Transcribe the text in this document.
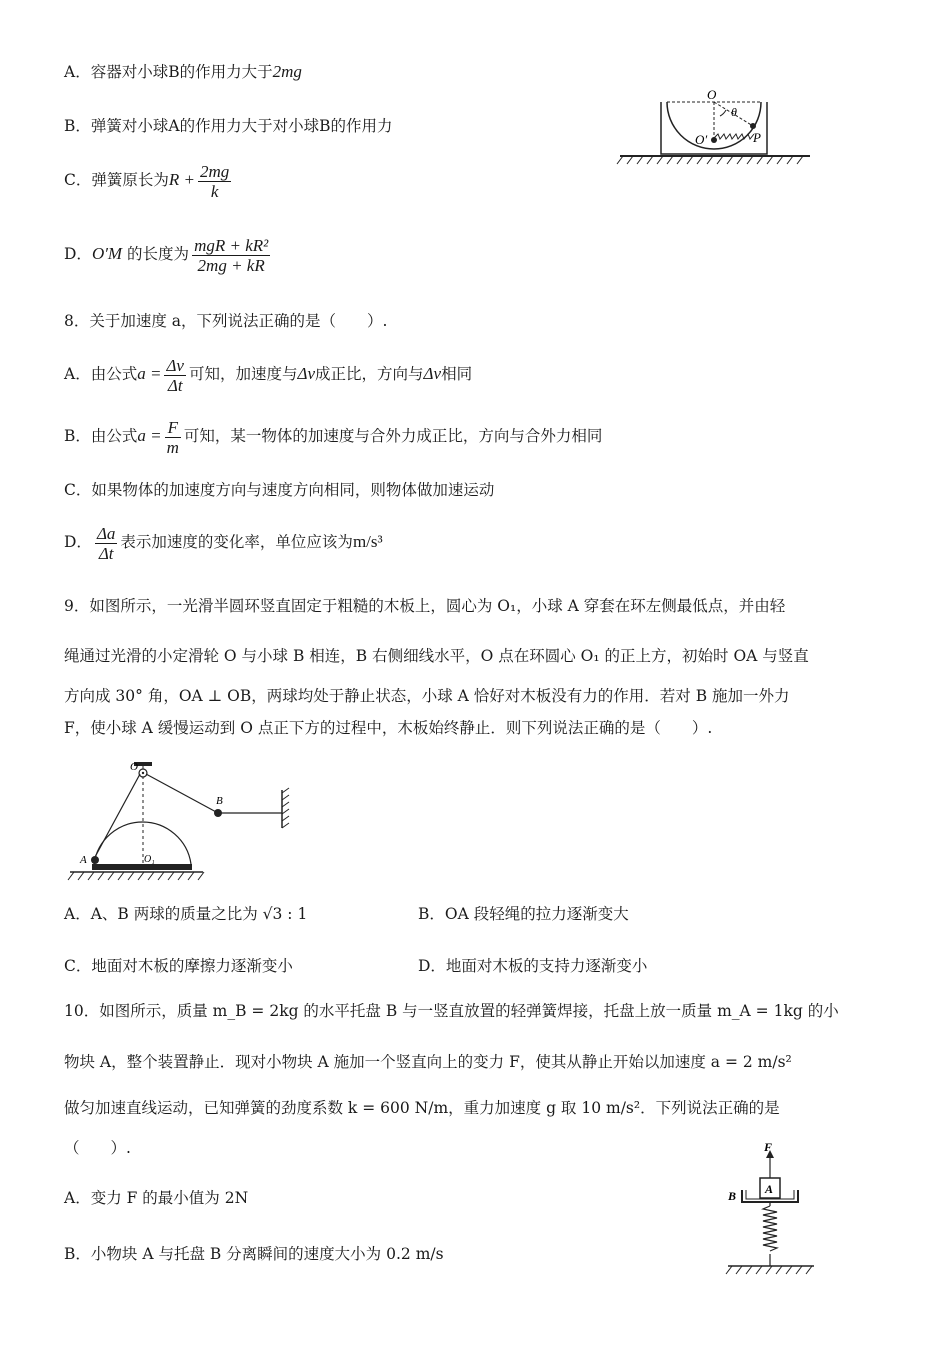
A．容器对小球B的作用力大于2mg
B．弹簧对小球A的作用力大于对小球B的作用力
C．弹簧原长为$R + \frac{2mg}{k}$
D．O′M 的长度为 $\frac{\text{mgR + kR²}}{2mg + kR}$
O
θ
O′	P
8．关于加速度 a，下列说法正确的是（　　）.
A．由公式$a = \frac{\Delta v}{\Delta t}$ 可知，加速度与Δv成正比，方向与Δv相同
B．由公式$a = \frac{F}{m}$ 可知，某一物体的加速度与合外力成正比，方向与合外力相同
C．如果物体的加速度方向与速度方向相同，则物体做加速运动
D． $\frac{\Delta a}{\Delta t}$ 表示加速度的变化率，单位应该为m/s³
9．如图所示，一光滑半圆环竖直固定于粗糙的木板上，圆心为 O₁，小球 A 穿套在环左侧最低点，并由轻
绳通过光滑的小定滑轮 O 与小球 B 相连，B 右侧细线水平，O 点在环圆心 O₁ 的正上方，初始时 OA 与竖直
方向成 30° 角，OA ⊥ OB，两球均处于静止状态，小球 A 恰好对木板没有力的作用．若对 B 施加一外力
F，使小球 A 缓慢运动到 O 点正下方的过程中，木板始终静止．则下列说法正确的是（　　）.
O
B
A	O₁
A．A、B 两球的质量之比为 √3 : 1	B．OA 段轻绳的拉力逐渐变大
C．地面对木板的摩擦力逐渐变小	D．地面对木板的支持力逐渐变小
10．如图所示，质量 m_B = 2kg 的水平托盘 B 与一竖直放置的轻弹簧焊接，托盘上放一质量 m_A = 1kg 的小
物块 A，整个装置静止．现对小物块 A 施加一个竖直向上的变力 F，使其从静止开始以加速度 a = 2 m/s²
做匀加速直线运动，已知弹簧的劲度系数 k = 600 N/m，重力加速度 g 取 10 m/s²．下列说法正确的是
（　　）.
A．变力 F 的最小值为 2N
B．小物块 A 与托盘 B 分离瞬间的速度大小为 0.2 m/s
F
A
B
